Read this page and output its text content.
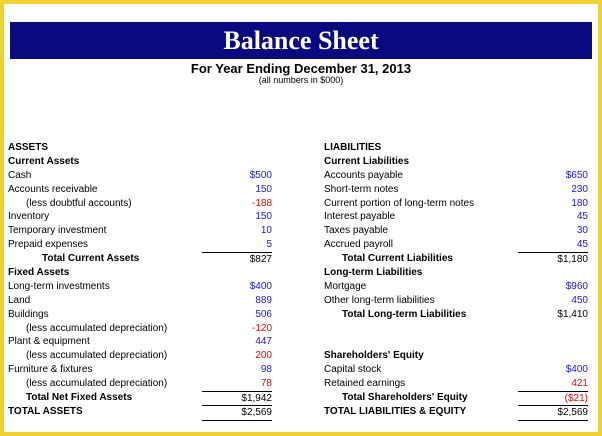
Balance Sheet
For Year Ending December 31, 2013
(all numbers in $000)
ASSETS
Current Assets
Cash	$500
Accounts receivable	150
(less doubtful accounts)	-188
Inventory	150
Temporary investment	10
Prepaid expenses	5
Total Current Assets	$827
Fixed Assets
Long-term investments	$400
Land	889
Buildings	506
(less accumulated depreciation)	-120
Plant & equipment	447
(less accumulated depreciation)	200
Furniture & fixtures	98
(less accumulated depreciation)	78
Total Net Fixed Assets	$1,942
TOTAL ASSETS	$2,569
LIABILITIES
Current Liabilities
Accounts payable	$650
Short-term notes	230
Current portion of long-term notes	180
Interest payable	45
Taxes payable	30
Accrued payroll	45
Total Current Liabilities	$1,180
Long-term Liabilities
Mortgage	$960
Other long-term liabilities	450
Total Long-term Liabilities	$1,410
Shareholders' Equity
Capital stock	$400
Retained earnings	421
Total Shareholders' Equity	($21)
TOTAL LIABILITIES & EQUITY	$2,569
